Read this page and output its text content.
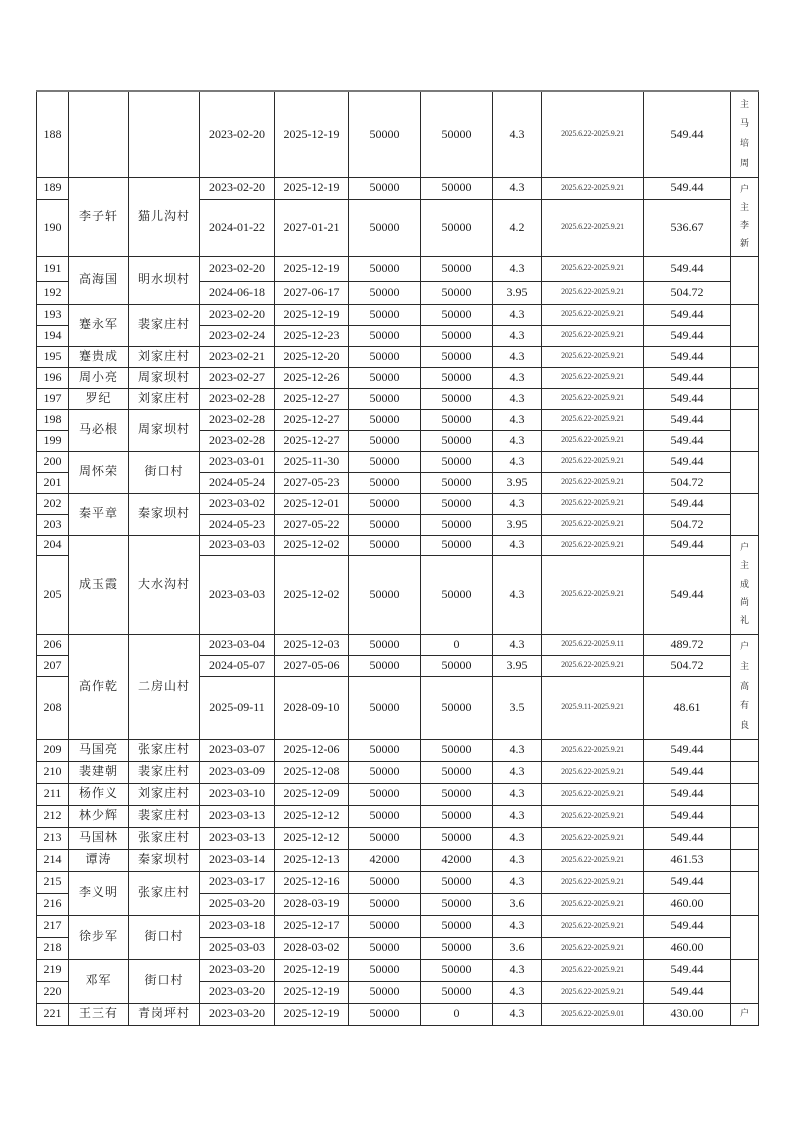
188			2023-02-20	2025-12-19	50000	50000	4.3	2025.6.22-2025.9.21	549.44	主
马
培
周

189	李子轩	猫儿沟村	2023-02-20	2025-12-19	50000	50000	4.3	2025.6.22-2025.9.21	549.44	户
主
李
新

190			2024-01-22	2027-01-21	50000	50000	4.2	2025.6.22-2025.9.21	536.67	
191	高海国	明水坝村	2023-02-20	2025-12-19	50000	50000	4.3	2025.6.22-2025.9.21	549.44	

192			2024-06-18	2027-06-17	50000	50000	3.95	2025.6.22-2025.9.21	504.72	
193	蹇永军	裴家庄村	2023-02-20	2025-12-19	50000	50000	4.3	2025.6.22-2025.9.21	549.44	

194			2023-02-24	2025-12-23	50000	50000	4.3	2025.6.22-2025.9.21	549.44	
195	蹇贵成	刘家庄村	2023-02-21	2025-12-20	50000	50000	4.3	2025.6.22-2025.9.21	549.44	

196	周小亮	周家坝村	2023-02-27	2025-12-26	50000	50000	4.3	2025.6.22-2025.9.21	549.44	

197	罗纪	刘家庄村	2023-02-28	2025-12-27	50000	50000	4.3	2025.6.22-2025.9.21	549.44	

198	马必根	周家坝村	2023-02-28	2025-12-27	50000	50000	4.3	2025.6.22-2025.9.21	549.44	

199			2023-02-28	2025-12-27	50000	50000	4.3	2025.6.22-2025.9.21	549.44	
200	周怀荣	街口村	2023-03-01	2025-11-30	50000	50000	4.3	2025.6.22-2025.9.21	549.44	

201			2024-05-24	2027-05-23	50000	50000	3.95	2025.6.22-2025.9.21	504.72	
202	秦平章	秦家坝村	2023-03-02	2025-12-01	50000	50000	4.3	2025.6.22-2025.9.21	549.44	

203			2024-05-23	2027-05-22	50000	50000	3.95	2025.6.22-2025.9.21	504.72	
204	成玉霞	大水沟村	2023-03-03	2025-12-02	50000	50000	4.3	2025.6.22-2025.9.21	549.44	户
主
成
尚
礼

205			2023-03-03	2025-12-02	50000	50000	4.3	2025.6.22-2025.9.21	549.44	
206	高作乾	二房山村	2023-03-04	2025-12-03	50000	0	4.3	2025.6.22-2025.9.11	489.72	户
主
高
有
良

207			2024-05-07	2027-05-06	50000	50000	3.95	2025.6.22-2025.9.21	504.72	
208			2025-09-11	2028-09-10	50000	50000	3.5	2025.9.11-2025.9.21	48.61	
209	马国亮	张家庄村	2023-03-07	2025-12-06	50000	50000	4.3	2025.6.22-2025.9.21	549.44	

210	裴建朝	裴家庄村	2023-03-09	2025-12-08	50000	50000	4.3	2025.6.22-2025.9.21	549.44	

211	杨作义	刘家庄村	2023-03-10	2025-12-09	50000	50000	4.3	2025.6.22-2025.9.21	549.44	

212	林少辉	裴家庄村	2023-03-13	2025-12-12	50000	50000	4.3	2025.6.22-2025.9.21	549.44	

213	马国林	张家庄村	2023-03-13	2025-12-12	50000	50000	4.3	2025.6.22-2025.9.21	549.44	

214	谭涛	秦家坝村	2023-03-14	2025-12-13	42000	42000	4.3	2025.6.22-2025.9.21	461.53	

215	李义明	张家庄村	2023-03-17	2025-12-16	50000	50000	4.3	2025.6.22-2025.9.21	549.44	

216			2025-03-20	2028-03-19	50000	50000	3.6	2025.6.22-2025.9.21	460.00	
217	徐步军	街口村	2023-03-18	2025-12-17	50000	50000	4.3	2025.6.22-2025.9.21	549.44	

218			2025-03-03	2028-03-02	50000	50000	3.6	2025.6.22-2025.9.21	460.00	
219	邓军	街口村	2023-03-20	2025-12-19	50000	50000	4.3	2025.6.22-2025.9.21	549.44	

220			2023-03-20	2025-12-19	50000	50000	4.3	2025.6.22-2025.9.21	549.44	
221	王三有	青岗坪村	2023-03-20	2025-12-19	50000	0	4.3	2025.6.22-2025.9.01	430.00	户
